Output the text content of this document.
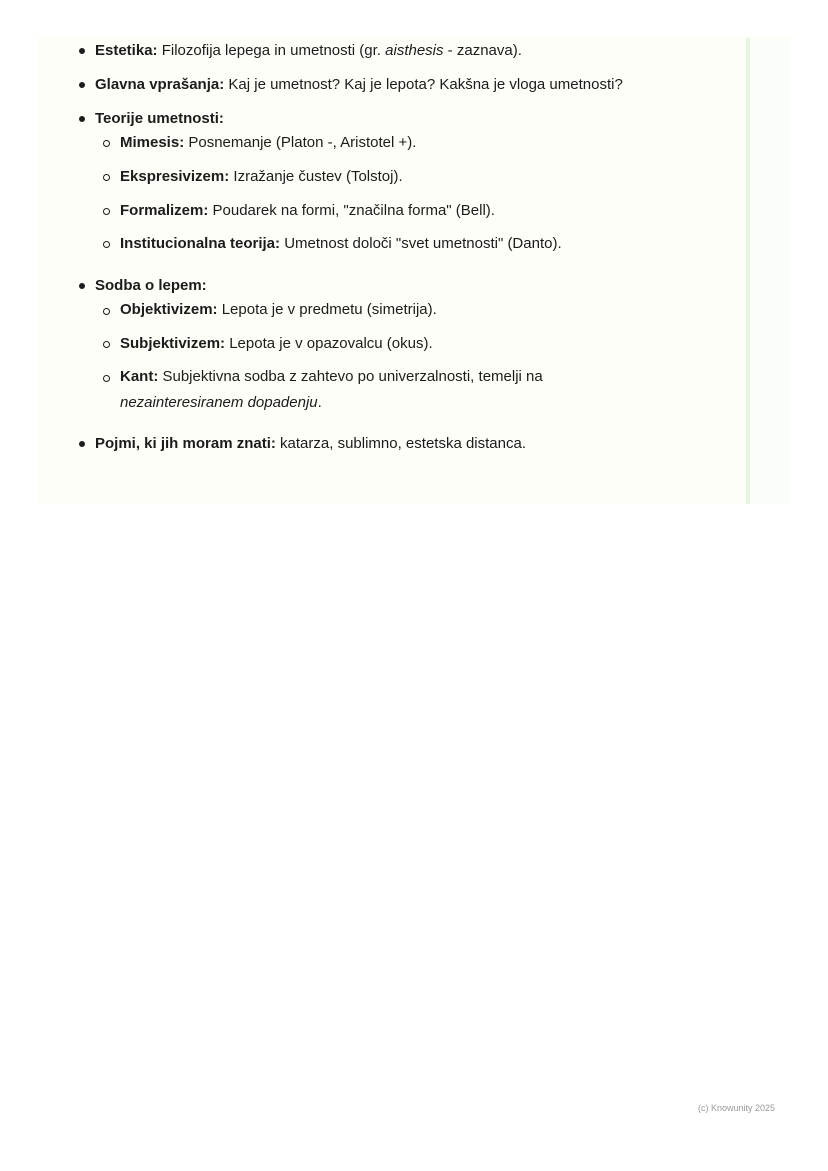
Estetika: Filozofija lepega in umetnosti (gr. aisthesis - zaznava).
Glavna vprašanja: Kaj je umetnost? Kaj je lepota? Kakšna je vloga umetnosti?
Teorije umetnosti:
Mimesis: Posnemanje (Platon -, Aristotel +).
Ekspresivizem: Izražanje čustev (Tolstoj).
Formalizem: Poudarek na formi, "značilna forma" (Bell).
Institucionalna teorija: Umetnost določi "svet umetnosti" (Danto).
Sodba o lepem:
Objektivizem: Lepota je v predmetu (simetrija).
Subjektivizem: Lepota je v opazovalcu (okus).
Kant: Subjektivna sodba z zahtevo po univerzalnosti, temelji na
nezainteresiranem dopadenju.
Pojmi, ki jih moram znati: katarza, sublimno, estetska distanca.
(c) Knowunity 2025
